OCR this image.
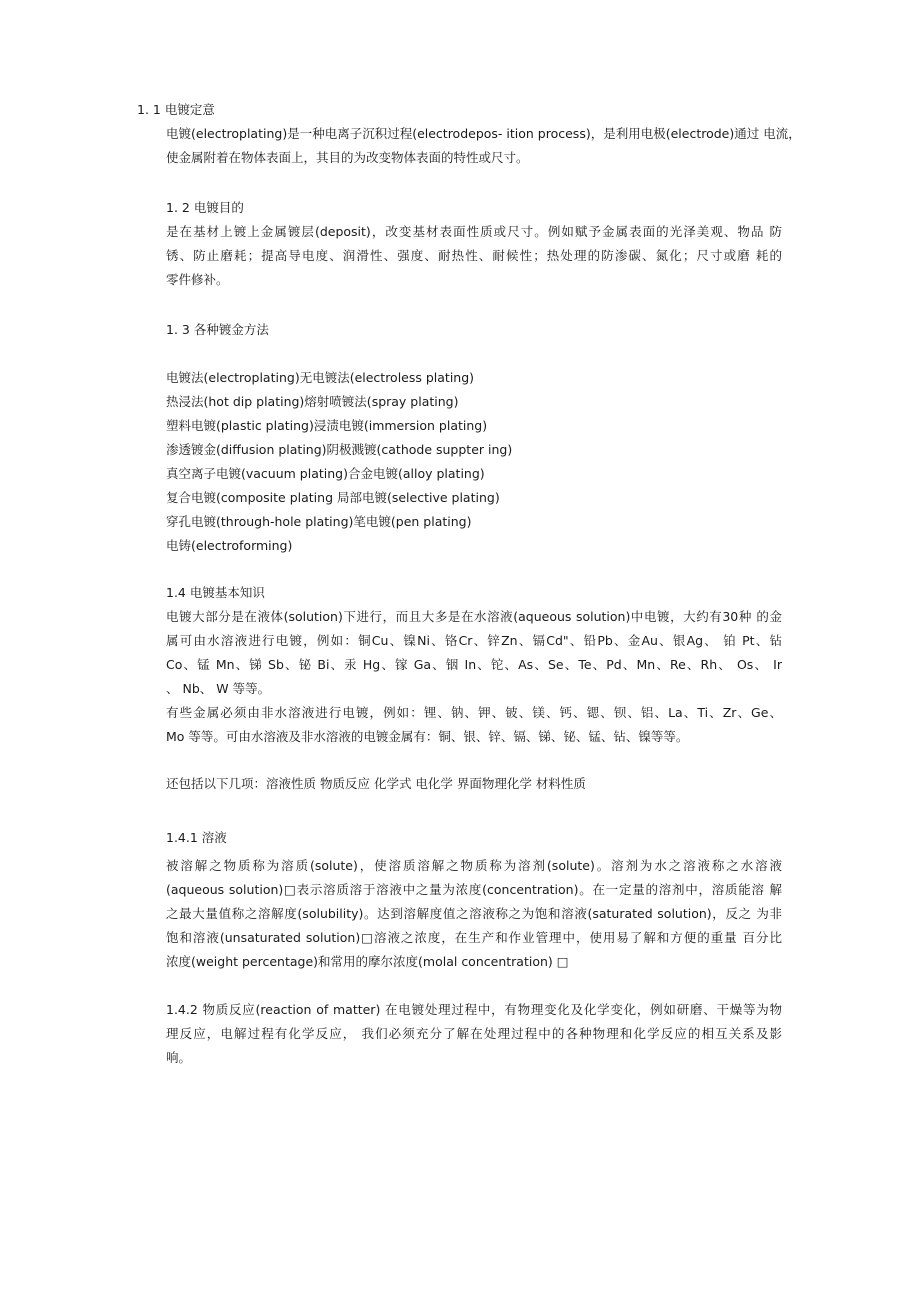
1. 1 电镀定意
电镀(electroplating)是一种电离子沉积过程(electrodepos- ition process)，是利用电极(electrode)通过 电流，
使金属附着在物体表面上，其目的为改变物体表面的特性或尺寸。
1. 2 电镀目的
是在基材上镀上金属镀层(deposit)，改变基材表面性质或尺寸。例如赋予金属表面的光泽美观、物品 防
锈、防止磨耗；提高导电度、润滑性、强度、耐热性、耐候性；热处理的防渗碳、氮化；尺寸或磨 耗的
零件修补。
1. 3 各种镀金方法
电镀法(electroplating)无电镀法(electroless plating)
热浸法(hot dip plating)熔射喷镀法(spray plating)
塑料电镀(plastic plating)浸渍电镀(immersion plating)
渗透镀金(diffusion plating)阴极溅镀(cathode suppter ing)
真空离子电镀(vacuum plating)合金电镀(alloy plating)
复合电镀(composite plating 局部电镀(selective plating)
穿孔电镀(through-hole plating)笔电镀(pen plating)
电铸(electroforming)
1.4 电镀基本知识
电镀大部分是在液体(solution)下进行，而且大多是在水溶液(aqueous solution)中电镀，大约有30种 的金
属可由水溶液进行电镀，例如：铜Cu、镍Ni、铬Cr、锌Zn、镉Cd"、铅Pb、金Au、银Ag、 铂 Pt、钻
Co、锰 Mn、锑 Sb、铋 Bi、汞 Hg、镓 Ga、铟 In、铊、As、Se、Te、Pd、Mn、Re、Rh、 Os、 Ir
、 Nb、 W 等等。
有些金属必须由非水溶液进行电镀，例如：锂、钠、钾、铍、镁、钙、锶、钡、铝、La、Ti、Zr、Ge、
Mo 等等。可由水溶液及非水溶液的电镀金属有：铜、银、锌、镉、锑、铋、锰、钻、镍等等。
还包括以下几项：溶液性质 物质反应 化学式 电化学 界面物理化学 材料性质
1.4.1 溶液
被溶解之物质称为溶质(solute)，使溶质溶解之物质称为溶剂(solute)。溶剂为水之溶液称之水溶液
(aqueous solution)□表示溶质溶于溶液中之量为浓度(concentration)。在一定量的溶剂中，溶质能溶 解
之最大量值称之溶解度(solubility)。达到溶解度值之溶液称之为饱和溶液(saturated solution)，反之 为非
饱和溶液(unsaturated solution)□溶液之浓度，在生产和作业管理中，使用易了解和方便的重量 百分比
浓度(weight percentage)和常用的摩尔浓度(molal concentration) □
1.4.2 物质反应(reaction of matter) 在电镀处理过程中，有物理变化及化学变化，例如研磨、干燥等为物
理反应，电解过程有化学反应， 我们必须充分了解在处理过程中的各种物理和化学反应的相互关系及影
响。
